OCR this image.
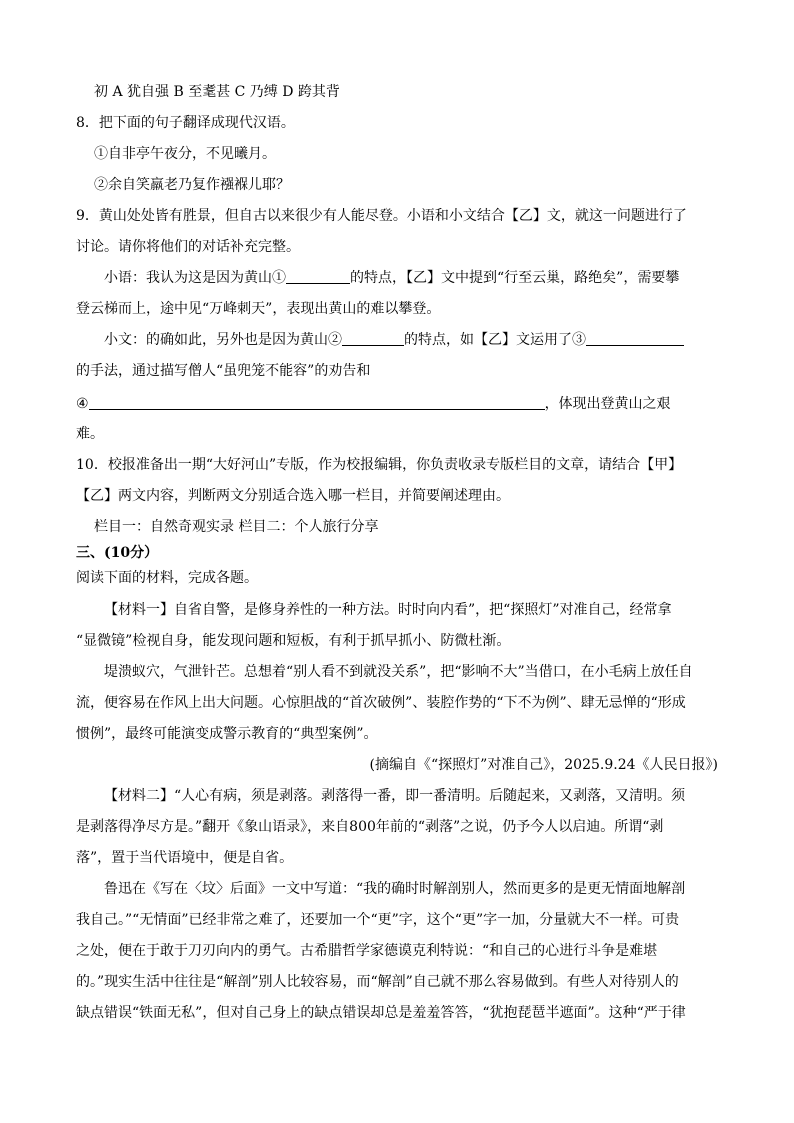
初 A 犹自强 B 至耄甚 C 乃缚 D 跨其背
8．把下面的句子翻译成现代汉语。
①自非亭午夜分，不见曦月。
②余自笑羸老乃复作襁褓儿耶？
9．黄山处处皆有胜景，但自古以来很少有人能尽登。小语和小文结合【乙】文，就这一问题进行了
讨论。请你将他们的对话补充完整。
小语：我认为这是因为黄山①	的特点，【乙】文中提到“行至云巢，路绝矣”，需要攀
登云梯而上，途中见“万峰刺天”，表现出黄山的难以攀登。
小文：的确如此，另外也是因为黄山②	的特点，如【乙】文运用了③
的手法，通过描写僧人“虽兜笼不能容”的劝告和
④	，体现出登黄山之艰
难。
10．校报准备出一期“大好河山”专版，作为校报编辑，你负责收录专版栏目的文章，请结合【甲】
【乙】两文内容，判断两文分别适合选入哪一栏目，并简要阐述理由。
栏目一：自然奇观实录 栏目二：个人旅行分享
三、(10分）
阅读下面的材料，完成各题。
【材料一】自省自警，是修身养性的一种方法。时时向内看”，把“探照灯”对准自己，经常拿
“显微镜”检视自身，能发现问题和短板，有利于抓早抓小、防微杜渐。
堤溃蚁穴，气泄针芒。总想着“别人看不到就没关系”，把“影响不大”当借口，在小毛病上放任自
流，便容易在作风上出大问题。心惊胆战的“首次破例”、装腔作势的“下不为例”、肆无忌惮的“形成
惯例”，最终可能演变成警示教育的“典型案例”。
(摘编自《“探照灯”对准自己》，2025.9.24《人民日报》)
【材料二】“人心有病，须是剥落。剥落得一番，即一番清明。后随起来，又剥落，又清明。须
是剥落得净尽方是。”翻开《象山语录》，来自800年前的“剥落”之说，仍予今人以启迪。所谓“剥
落”，置于当代语境中，便是自省。
鲁迅在《写在〈坟〉后面》一文中写道：“我的确时时解剖别人，然而更多的是更无情面地解剖
我自己。”“无情面”已经非常之难了，还要加一个“更”字，这个“更”字一加，分量就大不一样。可贵
之处，便在于敢于刀刃向内的勇气。古希腊哲学家德谟克利特说：“和自己的心进行斗争是难堪
的。”现实生活中往往是“解剖”别人比较容易，而“解剖”自己就不那么容易做到。有些人对待别人的
缺点错误“铁面无私”，但对自己身上的缺点错误却总是羞羞答答，“犹抱琵琶半遮面”。这种“严于律
